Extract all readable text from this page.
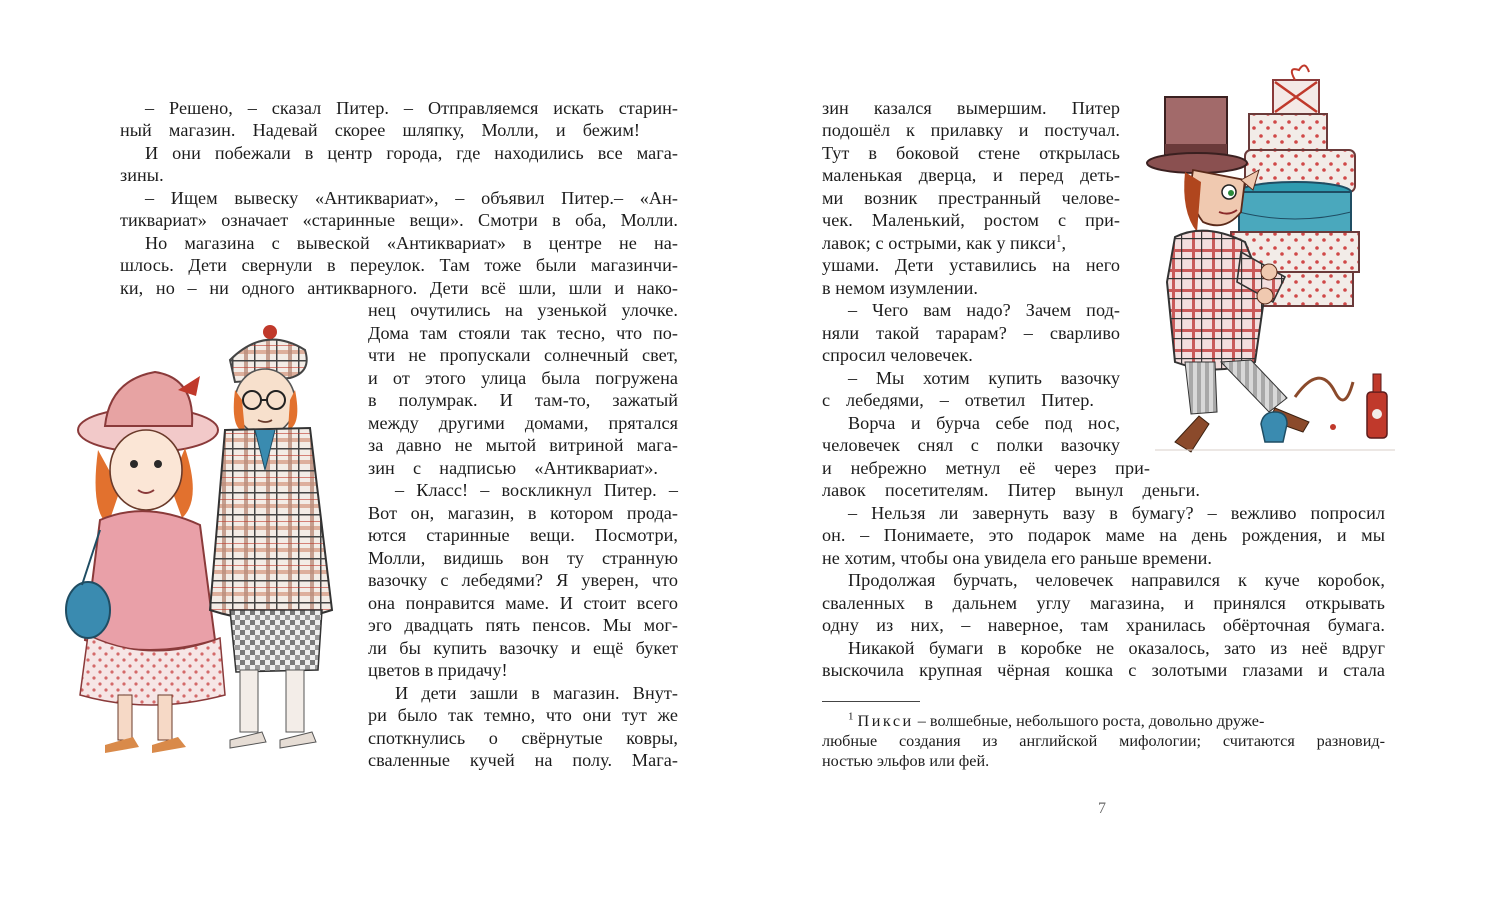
– Решено, – сказал Питер. – Отправляемся искать старин-
ный магазин. Надевай скорее шляпку, Молли, и бежим!
И они побежали в центр города, где находились все мага-
зины.
– Ищем вывеску «Антиквариат», – объявил Питер.– «Ан-
тиквариат» означает «старинные вещи». Смотри в оба, Молли.
Но магазина с вывеской «Антиквариат» в центре не на-
шлось. Дети свернули в переулок. Там тоже были магазинчи-
ки, но – ни одного антикварного. Дети всё шли, шли и нако-
нец очутились на узенькой улочке.
Дома там стояли так тесно, что по-
чти не пропускали солнечный свет,
и от этого улица была погружена
в полумрак. И там-то, зажатый
между другими домами, прятался
за давно не мытой витриной мага-
зин с надписью «Антиквариат».
– Класс! – воскликнул Питер. –
Вот он, магазин, в котором прода-
ются старинные вещи. Посмотри,
Молли, видишь вон ту странную
вазочку с лебедями? Я уверен, что
она понравится маме. И стоит всего
эго двадцать пять пенсов. Мы мог-
ли бы купить вазочку и ещё букет
цветов в придачу!
И дети зашли в магазин. Внут-
ри было так темно, что они тут же
споткнулись о свёрнутые ковры,
сваленные кучей на полу. Мага-
зин казался вымершим. Питер
подошёл к прилавку и постучал.
Тут в боковой стене открылась
маленькая дверца, и перед деть-
ми возник престранный челове-
чек. Маленький, ростом с при-
лавок; с острыми, как у пикси$^1$,
ушами. Дети уставились на него
в немом изумлении.
– Чего вам надо? Зачем под-
няли такой тарарам? – сварливо
спросил человечек.
– Мы хотим купить вазочку
с лебедями, – ответил Питер.
Ворча и бурча себе под нос,
человечек снял с полки вазочку
и небрежно метнул её через при-
лавок посетителям. Питер вынул деньги.
– Нельзя ли завернуть вазу в бумагу? – вежливо попросил
он. – Понимаете, это подарок маме на день рождения, и мы
не хотим, чтобы она увидела его раньше времени.
Продолжая бурчать, человечек направился к куче коробок,
сваленных в дальнем углу магазина, и принялся открывать
одну из них, – наверное, там хранилась обёрточная бумага.
Никакой бумаги в коробке не оказалось, зато из неё вдруг
выскочила крупная чёрная кошка с золотыми глазами и стала
$^1$ Пикси – волшебные, небольшого роста, довольно друже-
любные создания из английской мифологии; считаются разновид-
ностью эльфов или фей.
7
